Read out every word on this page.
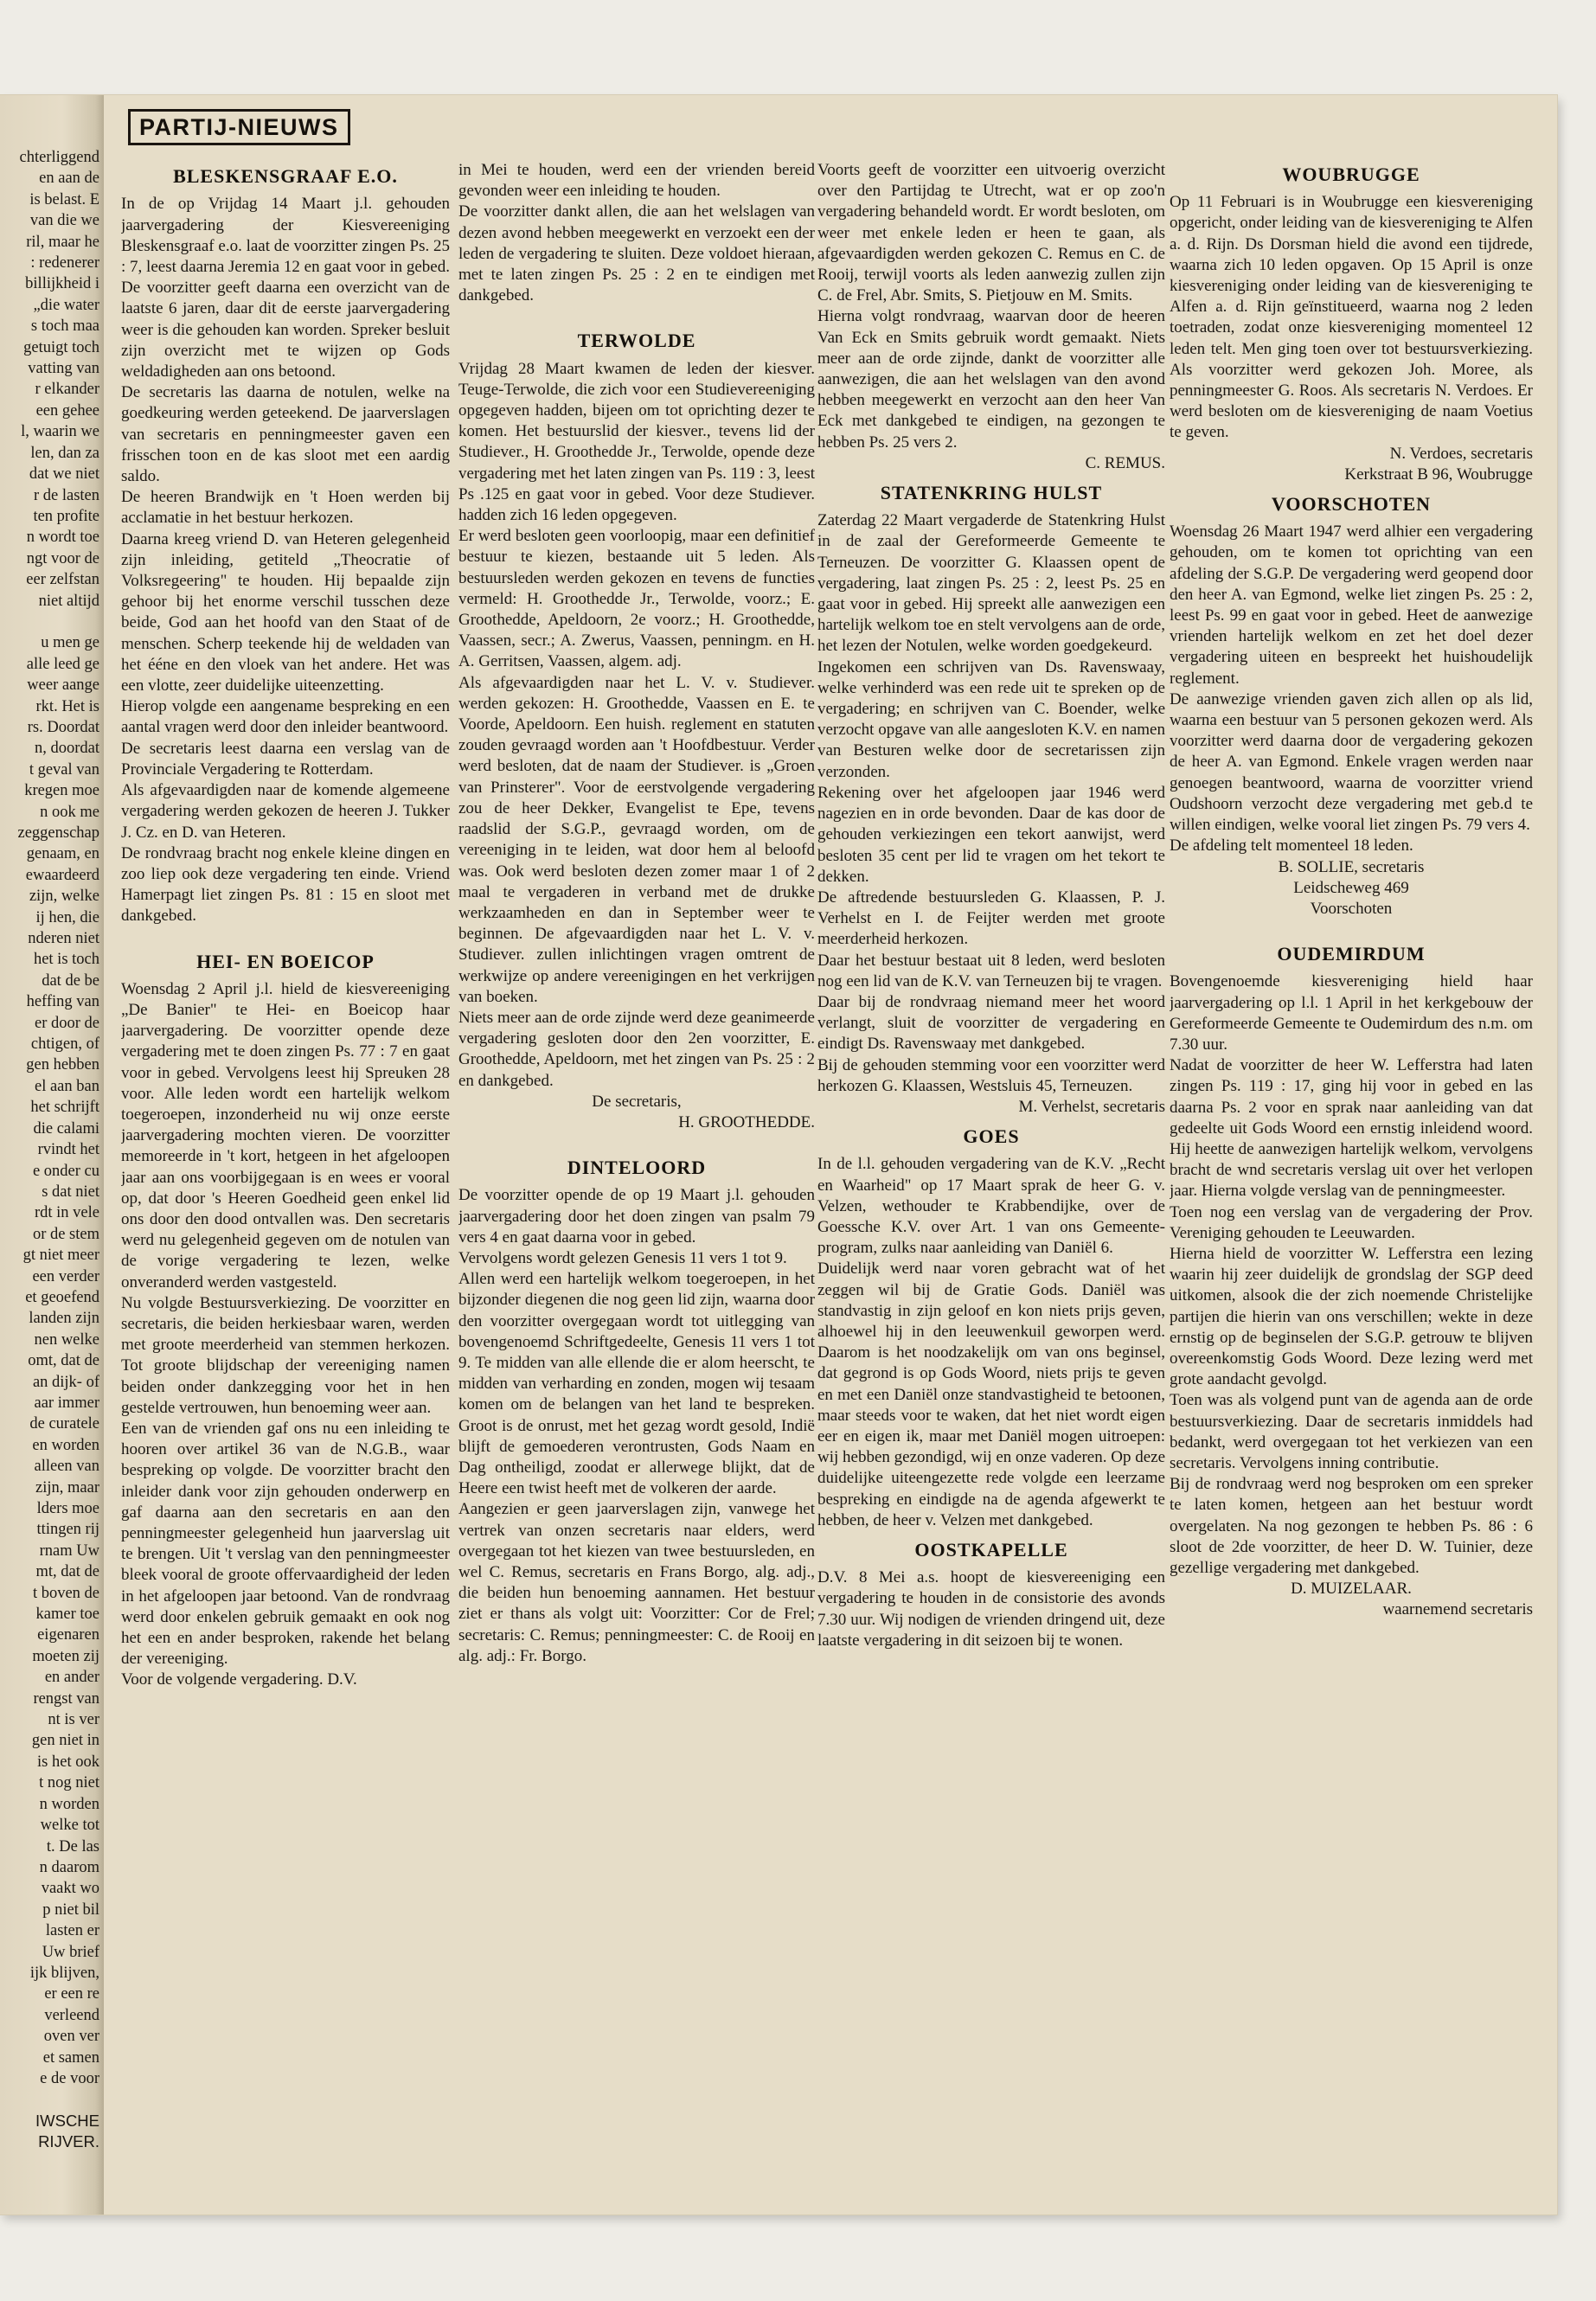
chterliggend
en aan de
is belast. E
van die we
ril, maar he
: redenerer
billijkheid i
„die water
s toch maa
getuigt toch
vatting van
r elkander
een gehee
l, waarin we
len, dan za
dat we niet
r de lasten
ten profite
n wordt toe
ngt voor de
eer zelfstan
niet altijd

u men ge
alle leed ge
weer aange
rkt. Het is
rs. Doordat
n, doordat
t geval van
kregen moe
n ook me
zeggenschap
genaam, en
ewaardeerd
zijn, welke
ij hen, die
nderen niet
het is toch
dat de be
heffing van
er door de
chtigen, of
gen hebben
el aan ban
het schrijft
die calami
rvindt het
e onder cu
s dat niet
rdt in vele
or de stem
gt niet meer
een verder
et geoefend
landen zijn
nen welke
omt, dat de
an dijk- of
aar immer
de curatele
en worden
alleen van
zijn, maar
lders moe
ttingen rij
rnam Uw
mt, dat de
t boven de
kamer toe
eigenaren
moeten zij
en ander
rengst van
nt is ver
gen niet in
is het ook
t nog niet
n worden
welke tot
t. De las
n daarom
vaakt wo
p niet bil
lasten er
Uw brief
ijk blijven,
er een re
verleend
oven ver
et samen
e de voor

IWSCHE
RIJVER.
PARTIJ-NIEUWS
BLESKENSGRAAF E.O.

In de op Vrijdag 14 Maart j.l. gehouden jaarvergadering der Kiesvereeniging Bleskensgraaf e.o. laat de voorzitter zingen Ps. 25 : 7, leest daarna Jeremia 12 en gaat voor in gebed. De voorzitter geeft daarna een overzicht van de laatste 6 jaren, daar dit de eerste jaarvergadering weer is die gehouden kan worden. Spreker besluit zijn overzicht met te wijzen op Gods weldadigheden aan ons betoond.

De secretaris las daarna de notulen, welke na goedkeuring werden geteekend. De jaarverslagen van secretaris en penningmeester gaven een frisschen toon en de kas sloot met een aardig saldo.

De heeren Brandwijk en 't Hoen werden bij acclamatie in het bestuur herkozen.

Daarna kreeg vriend D. van Heteren gelegenheid zijn inleiding, getiteld „Theocratie of Volksregeering" te houden. Hij bepaalde zijn gehoor bij het enorme verschil tusschen deze beide, God aan het hoofd van den Staat of de menschen. Scherp teekende hij de weldaden van het ééne en den vloek van het andere. Het was een vlotte, zeer duidelijke uiteenzetting.

Hierop volgde een aangename bespreking en een aantal vragen werd door den inleider beantwoord.

De secretaris leest daarna een verslag van de Provinciale Vergadering te Rotterdam.

Als afgevaardigden naar de komende algemeene vergadering werden gekozen de heeren J. Tukker J. Cz. en D. van Heteren.

De rondvraag bracht nog enkele kleine dingen en zoo liep ook deze vergadering ten einde. Vriend Hamerpagt liet zingen Ps. 81 : 15 en sloot met dankgebed.

HEI- EN BOEICOP

Woensdag 2 April j.l. hield de kiesvereeniging „De Banier" te Hei- en Boeicop haar jaarvergadering. De voorzitter opende deze vergadering met te doen zingen Ps. 77 : 7 en gaat voor in gebed. Vervolgens leest hij Spreuken 28 voor. Alle leden wordt een hartelijk welkom toegeroepen, inzonderheid nu wij onze eerste jaarvergadering mochten vieren. De voorzitter memoreerde in 't kort, hetgeen in het afgeloopen jaar aan ons voorbijgegaan is en wees er vooral op, dat door 's Heeren Goedheid geen enkel lid ons door den dood ontvallen was. Den secretaris werd nu gelegenheid gegeven om de notulen van de vorige vergadering te lezen, welke onveranderd werden vastgesteld.

Nu volgde Bestuursverkiezing. De voorzitter en secretaris, die beiden herkiesbaar waren, werden met groote meerderheid van stemmen herkozen. Tot groote blijdschap der vereeniging namen beiden onder dankzegging voor het in hen gestelde vertrouwen, hun benoeming weer aan.

Een van de vrienden gaf ons nu een inleiding te hooren over artikel 36 van de N.G.B., waar bespreking op volgde. De voorzitter bracht den inleider dank voor zijn gehouden onderwerp en gaf daarna aan den secretaris en aan den penningmeester gelegenheid hun jaarverslag uit te brengen. Uit 't verslag van den penningmeester bleek vooral de groote offervaardigheid der leden in het afgeloopen jaar betoond. Van de rondvraag werd door enkelen gebruik gemaakt en ook nog het een en ander besproken, rakende het belang der vereeniging.

Voor de volgende vergadering. D.V.

in Mei te houden, werd een der vrienden bereid gevonden weer een inleiding te houden.

De voorzitter dankt allen, die aan het welslagen van dezen avond hebben meegewerkt en verzoekt een der leden de vergadering te sluiten. Deze voldoet hieraan, met te laten zingen Ps. 25 : 2 en te eindigen met dankgebed.

TERWOLDE

Vrijdag 28 Maart kwamen de leden der kiesver. Teuge-Terwolde, die zich voor een Studievereeniging opgegeven hadden, bijeen om tot oprichting dezer te komen. Het bestuurslid der kiesver., tevens lid der Studiever., H. Groothedde Jr., Terwolde, opende deze vergadering met het laten zingen van Ps. 119 : 3, leest Ps .125 en gaat voor in gebed. Voor deze Studiever. hadden zich 16 leden opgegeven.

Er werd besloten geen voorloopig, maar een definitief bestuur te kiezen, bestaande uit 5 leden. Als bestuursleden werden gekozen en tevens de functies vermeld: H. Groothedde Jr., Terwolde, voorz.; E. Groothedde, Apeldoorn, 2e voorz.; H. Groothedde, Vaassen, secr.; A. Zwerus, Vaassen, penningm. en H. A. Gerritsen, Vaassen, algem. adj.

Als afgevaardigden naar het L. V. v. Studiever. werden gekozen: H. Groothedde, Vaassen en E. te Voorde, Apeldoorn. Een huish. reglement en statuten zouden gevraagd worden aan 't Hoofdbestuur. Verder werd besloten, dat de naam der Studiever. is „Groen van Prinsterer". Voor de eerstvolgende vergadering zou de heer Dekker, Evangelist te Epe, tevens raadslid der S.G.P., gevraagd worden, om de vereeniging in te leiden, wat door hem al beloofd was. Ook werd besloten dezen zomer maar 1 of 2 maal te vergaderen in verband met de drukke werkzaamheden en dan in September weer te beginnen. De afgevaardigden naar het L. V. v. Studiever. zullen inlichtingen vragen omtrent de werkwijze op andere vereenigingen en het verkrijgen van boeken.

Niets meer aan de orde zijnde werd deze geanimeerde vergadering gesloten door den 2en voorzitter, E. Groothedde, Apeldoorn, met het zingen van Ps. 25 : 2 en dankgebed.

De secretaris,

H. GROOTHEDDE.

DINTELOORD

De voorzitter opende de op 19 Maart j.l. gehouden jaarvergadering door het doen zingen van psalm 79 vers 4 en gaat daarna voor in gebed.

Vervolgens wordt gelezen Genesis 11 vers 1 tot 9.

Allen werd een hartelijk welkom toegeroepen, in het bijzonder diegenen die nog geen lid zijn, waarna door den voorzitter overgegaan wordt tot uitlegging van bovengenoemd Schriftgedeelte, Genesis 11 vers 1 tot 9. Te midden van alle ellende die er alom heerscht, te midden van verharding en zonden, mogen wij tesaam komen om de belangen van het land te bespreken. Groot is de onrust, met het gezag wordt gesold, Indië blijft de gemoederen verontrusten, Gods Naam en Dag ontheiligd, zoodat er allerwege blijkt, dat de Heere een twist heeft met de volkeren der aarde.

Aangezien er geen jaarverslagen zijn, vanwege het vertrek van onzen secretaris naar elders, werd overgegaan tot het kiezen van twee bestuursleden, en wel C. Remus, secretaris en Frans Borgo, alg. adj., die beiden hun benoeming aannamen. Het bestuur ziet er thans als volgt uit: Voorzitter: Cor de Frel; secretaris: C. Remus; penningmeester: C. de Rooij en alg. adj.: Fr. Borgo.

Voorts geeft de voorzitter een uitvoerig overzicht over den Partijdag te Utrecht, wat er op zoo'n vergadering behandeld wordt. Er wordt besloten, om weer met enkele leden er heen te gaan, als afgevaardigden werden gekozen C. Remus en C. de Rooij, terwijl voorts als leden aanwezig zullen zijn C. de Frel, Abr. Smits, S. Pietjouw en M. Smits.

Hierna volgt rondvraag, waarvan door de heeren Van Eck en Smits gebruik wordt gemaakt. Niets meer aan de orde zijnde, dankt de voorzitter alle aanwezigen, die aan het welslagen van den avond hebben meegewerkt en verzocht aan den heer Van Eck met dankgebed te eindigen, na gezongen te hebben Ps. 25 vers 2.

C. REMUS.

STATENKRING HULST

Zaterdag 22 Maart vergaderde de Statenkring Hulst in de zaal der Gereformeerde Gemeente te Terneuzen. De voorzitter G. Klaassen opent de vergadering, laat zingen Ps. 25 : 2, leest Ps. 25 en gaat voor in gebed. Hij spreekt alle aanwezigen een hartelijk welkom toe en stelt vervolgens aan de orde, het lezen der Notulen, welke worden goedgekeurd.

Ingekomen een schrijven van Ds. Ravenswaay, welke verhinderd was een rede uit te spreken op de vergadering; en schrijven van C. Boender, welke verzocht opgave van alle aangesloten K.V. en namen van Besturen welke door de secretarissen zijn verzonden.

Rekening over het afgeloopen jaar 1946 werd nagezien en in orde bevonden. Daar de kas door de gehouden verkiezingen een tekort aanwijst, werd besloten 35 cent per lid te vragen om het tekort te dekken.

De aftredende bestuursleden G. Klaassen, P. J. Verhelst en I. de Feijter werden met groote meerderheid herkozen.

Daar het bestuur bestaat uit 8 leden, werd besloten nog een lid van de K.V. van Terneuzen bij te vragen.

Daar bij de rondvraag niemand meer het woord verlangt, sluit de voorzitter de vergadering en eindigt Ds. Ravenswaay met dankgebed.

Bij de gehouden stemming voor een voorzitter werd herkozen G. Klaassen, Westsluis 45, Terneuzen.

M. Verhelst, secretaris

GOES

In de l.l. gehouden vergadering van de K.V. „Recht en Waarheid" op 17 Maart sprak de heer G. v. Velzen, wethouder te Krabbendijke, over de Goessche K.V. over Art. 1 van ons Gemeente-program, zulks naar aanleiding van Daniël 6.

Duidelijk werd naar voren gebracht wat of het zeggen wil bij de Gratie Gods. Daniël was standvastig in zijn geloof en kon niets prijs geven, alhoewel hij in den leeuwenkuil geworpen werd. Daarom is het noodzakelijk om van ons beginsel, dat gegrond is op Gods Woord, niets prijs te geven en met een Daniël onze standvastigheid te betoonen, maar steeds voor te waken, dat het niet wordt eigen eer en eigen ik, maar met Daniël mogen uitroepen: wij hebben gezondigd, wij en onze vaderen. Op deze duidelijke uiteengezette rede volgde een leerzame bespreking en eindigde na de agenda afgewerkt te hebben, de heer v. Velzen met dankgebed.

OOSTKAPELLE

D.V. 8 Mei a.s. hoopt de kiesvereeniging een vergadering te houden in de consistorie des avonds 7.30 uur. Wij nodigen de vrienden dringend uit, deze laatste vergadering in dit seizoen bij te wonen.

WOUBRUGGE

Op 11 Februari is in Woubrugge een kiesvereniging opgericht, onder leiding van de kiesvereniging te Alfen a. d. Rijn. Ds Dorsman hield die avond een tijdrede, waarna zich 10 leden opgaven. Op 15 April is onze kiesvereniging onder leiding van de kiesvereniging te Alfen a. d. Rijn geïnstitueerd, waarna nog 2 leden toetraden, zodat onze kiesvereniging momenteel 12 leden telt. Men ging toen over tot bestuursverkiezing. Als voorzitter werd gekozen Joh. Moree, als penningmeester G. Roos. Als secretaris N. Verdoes. Er werd besloten om de kiesvereniging de naam Voetius te geven.

N. Verdoes, secretaris

Kerkstraat B 96, Woubrugge

VOORSCHOTEN

Woensdag 26 Maart 1947 werd alhier een vergadering gehouden, om te komen tot oprichting van een afdeling der S.G.P. De vergadering werd geopend door den heer A. van Egmond, welke liet zingen Ps. 25 : 2, leest Ps. 99 en gaat voor in gebed. Heet de aanwezige vrienden hartelijk welkom en zet het doel dezer vergadering uiteen en bespreekt het huishoudelijk reglement.

De aanwezige vrienden gaven zich allen op als lid, waarna een bestuur van 5 personen gekozen werd. Als voorzitter werd daarna door de vergadering gekozen de heer A. van Egmond. Enkele vragen werden naar genoegen beantwoord, waarna de voorzitter vriend Oudshoorn verzocht deze vergadering met geb.d te willen eindigen, welke vooral liet zingen Ps. 79 vers 4.

De afdeling telt momenteel 18 leden.

B. SOLLIE, secretaris

Leidscheweg 469

Voorschoten

OUDEMIRDUM

Bovengenoemde kiesvereniging hield haar jaarvergadering op l.l. 1 April in het kerkgebouw der Gereformeerde Gemeente te Oudemirdum des n.m. om 7.30 uur.

Nadat de voorzitter de heer W. Lefferstra had laten zingen Ps. 119 : 17, ging hij voor in gebed en las daarna Ps. 2 voor en sprak naar aanleiding van dat gedeelte uit Gods Woord een ernstig inleidend woord. Hij heette de aanwezigen hartelijk welkom, vervolgens bracht de wnd secretaris verslag uit over het verlopen jaar. Hierna volgde verslag van de penningmeester.

Toen nog een verslag van de vergadering der Prov. Vereniging gehouden te Leeuwarden.

Hierna hield de voorzitter W. Lefferstra een lezing waarin hij zeer duidelijk de grondslag der SGP deed uitkomen, alsook die der zich noemende Christelijke partijen die hierin van ons verschillen; wekte in deze ernstig op de beginselen der S.G.P. getrouw te blijven overeenkomstig Gods Woord. Deze lezing werd met grote aandacht gevolgd.

Toen was als volgend punt van de agenda aan de orde bestuursverkiezing. Daar de secretaris inmiddels had bedankt, werd overgegaan tot het verkiezen van een secretaris. Vervolgens inning contributie.

Bij de rondvraag werd nog besproken om een spreker te laten komen, hetgeen aan het bestuur wordt overgelaten. Na nog gezongen te hebben Ps. 86 : 6 sloot de 2de voorzitter, de heer D. W. Tuinier, deze gezellige vergadering met dankgebed.

D. MUIZELAAR.

waarnemend secretaris
